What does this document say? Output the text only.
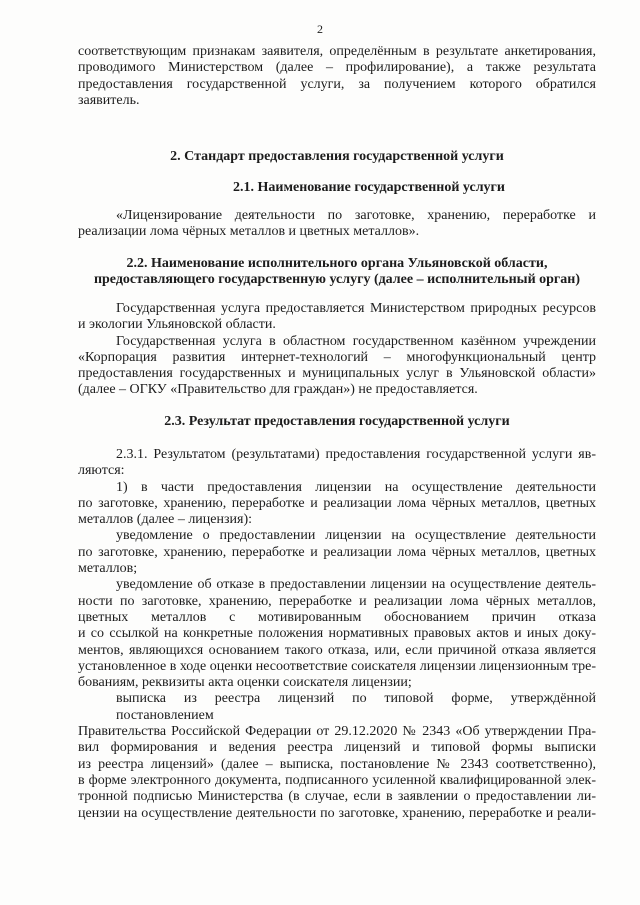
2

соответствующим признакам заявителя, определённым в результате анкетирования,

проводимого Министерством (далее – профилирование), а также результата

предоставления государственной услуги, за получением которого обратился

заявитель.

2. Стандарт предоставления государственной услуги
2.1. Наименование государственной услуги

«Лицензирование деятельности по заготовке, хранению, переработке и

реализации лома чёрных металлов и цветных металлов».

2.2. Наименование исполнительного органа Ульяновской области,

предоставляющего государственную услугу (далее – исполнительный орган)

Государственная услуга предоставляется Министерством природных ресурсов

и экологии Ульяновской области.

Государственная услуга в областном государственном казённом учреждении

«Корпорация развития интернет-технологий – многофункциональный центр

предоставления государственных и муниципальных услуг в Ульяновской области»

(далее – ОГКУ «Правительство для граждан») не предоставляется.

2.3. Результат предоставления государственной услуги

2.3.1. Результатом (результатами) предоставления государственной услуги яв-

ляются:

1) в части предоставления лицензии на осуществление деятельности

по заготовке, хранению, переработке и реализации лома чёрных металлов, цветных

металлов (далее – лицензия):

уведомление о предоставлении лицензии на осуществление деятельности

по заготовке, хранению, переработке и реализации лома чёрных металлов, цветных

металлов;

уведомление об отказе в предоставлении лицензии на осуществление деятель-

ности по заготовке, хранению, переработке и реализации лома чёрных металлов,

цветных металлов с мотивированным обоснованием причин отказа

и со ссылкой на конкретные положения нормативных правовых актов и иных доку-

ментов, являющихся основанием такого отказа, или, если причиной отказа является

установленное в ходе оценки несоответствие соискателя лицензии лицензионным тре-

бованиям, реквизиты акта оценки соискателя лицензии;

выписка из реестра лицензий по типовой форме, утверждённой постановлением

Правительства Российской Федерации от 29.12.2020 № 2343 «Об утверждении Пра-

вил формирования и ведения реестра лицензий и типовой формы выписки

из реестра лицензий» (далее – выписка, постановление № 2343 соответственно),

в форме электронного документа, подписанного усиленной квалифицированной элек-

тронной подписью Министерства (в случае, если в заявлении о предоставлении ли-

цензии на осуществление деятельности по заготовке, хранению, переработке и реали-
